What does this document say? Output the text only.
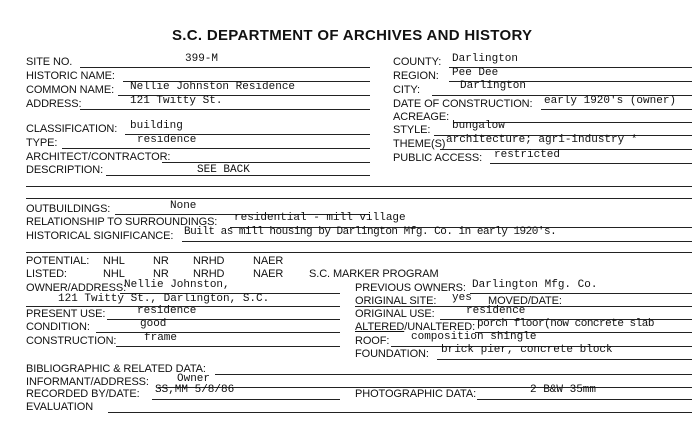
S.C. DEPARTMENT OF ARCHIVES AND HISTORY
SITE NO.	399-M
HISTORIC NAME:
COMMON NAME: Nellie Johnston Residence
ADDRESS:	121 Twitty St.
CLASSIFICATION: building
TYPE:	residence
ARCHITECT/CONTRACTOR:
DESCRIPTION:	SEE BACK
COUNTY: Darlington
REGION: Pee Dee
CITY:	Darlington
DATE OF CONSTRUCTION: early 1920's (owner)
ACREAGE:
STYLE: bungalow
THEME(S) architecture; agri-industry *
PUBLIC ACCESS: restricted
OUTBUILDINGS:	None
RELATIONSHIP TO SURROUNDINGS: residential - mill village
HISTORICAL SIGNIFICANCE: Built as mill housing by Darlington Mfg. Co. in early 1920's.
POTENTIAL: NHL	NR NRHD	NAER
LISTED:	NHL	NR NRHD	NAER S.C. MARKER PROGRAM
OWNER/ADDRESS:
Nellie Johnston,
121 Twitty St., Darlington, S.C.
PRESENT USE:	residence
CONDITION:	good
CONSTRUCTION:	frame
PREVIOUS OWNERS: Darlington Mfg. Co.
ORIGINAL SITE: yes MOVED/DATE:
ORIGINAL USE:	residence
ALTERED/UNALTERED: porch floor(now concrete slab
ROOF: composition shingle
FOUNDATION: brick pier, concrete block
BIBLIOGRAPHIC & RELATED DATA:
INFORMANT/ADDRESS:	Owner
RECORDED BY/DATE: SS,MM 5/8/86	PHOTOGRAPHIC DATA:	2 B&W 35mm
EVALUATION
